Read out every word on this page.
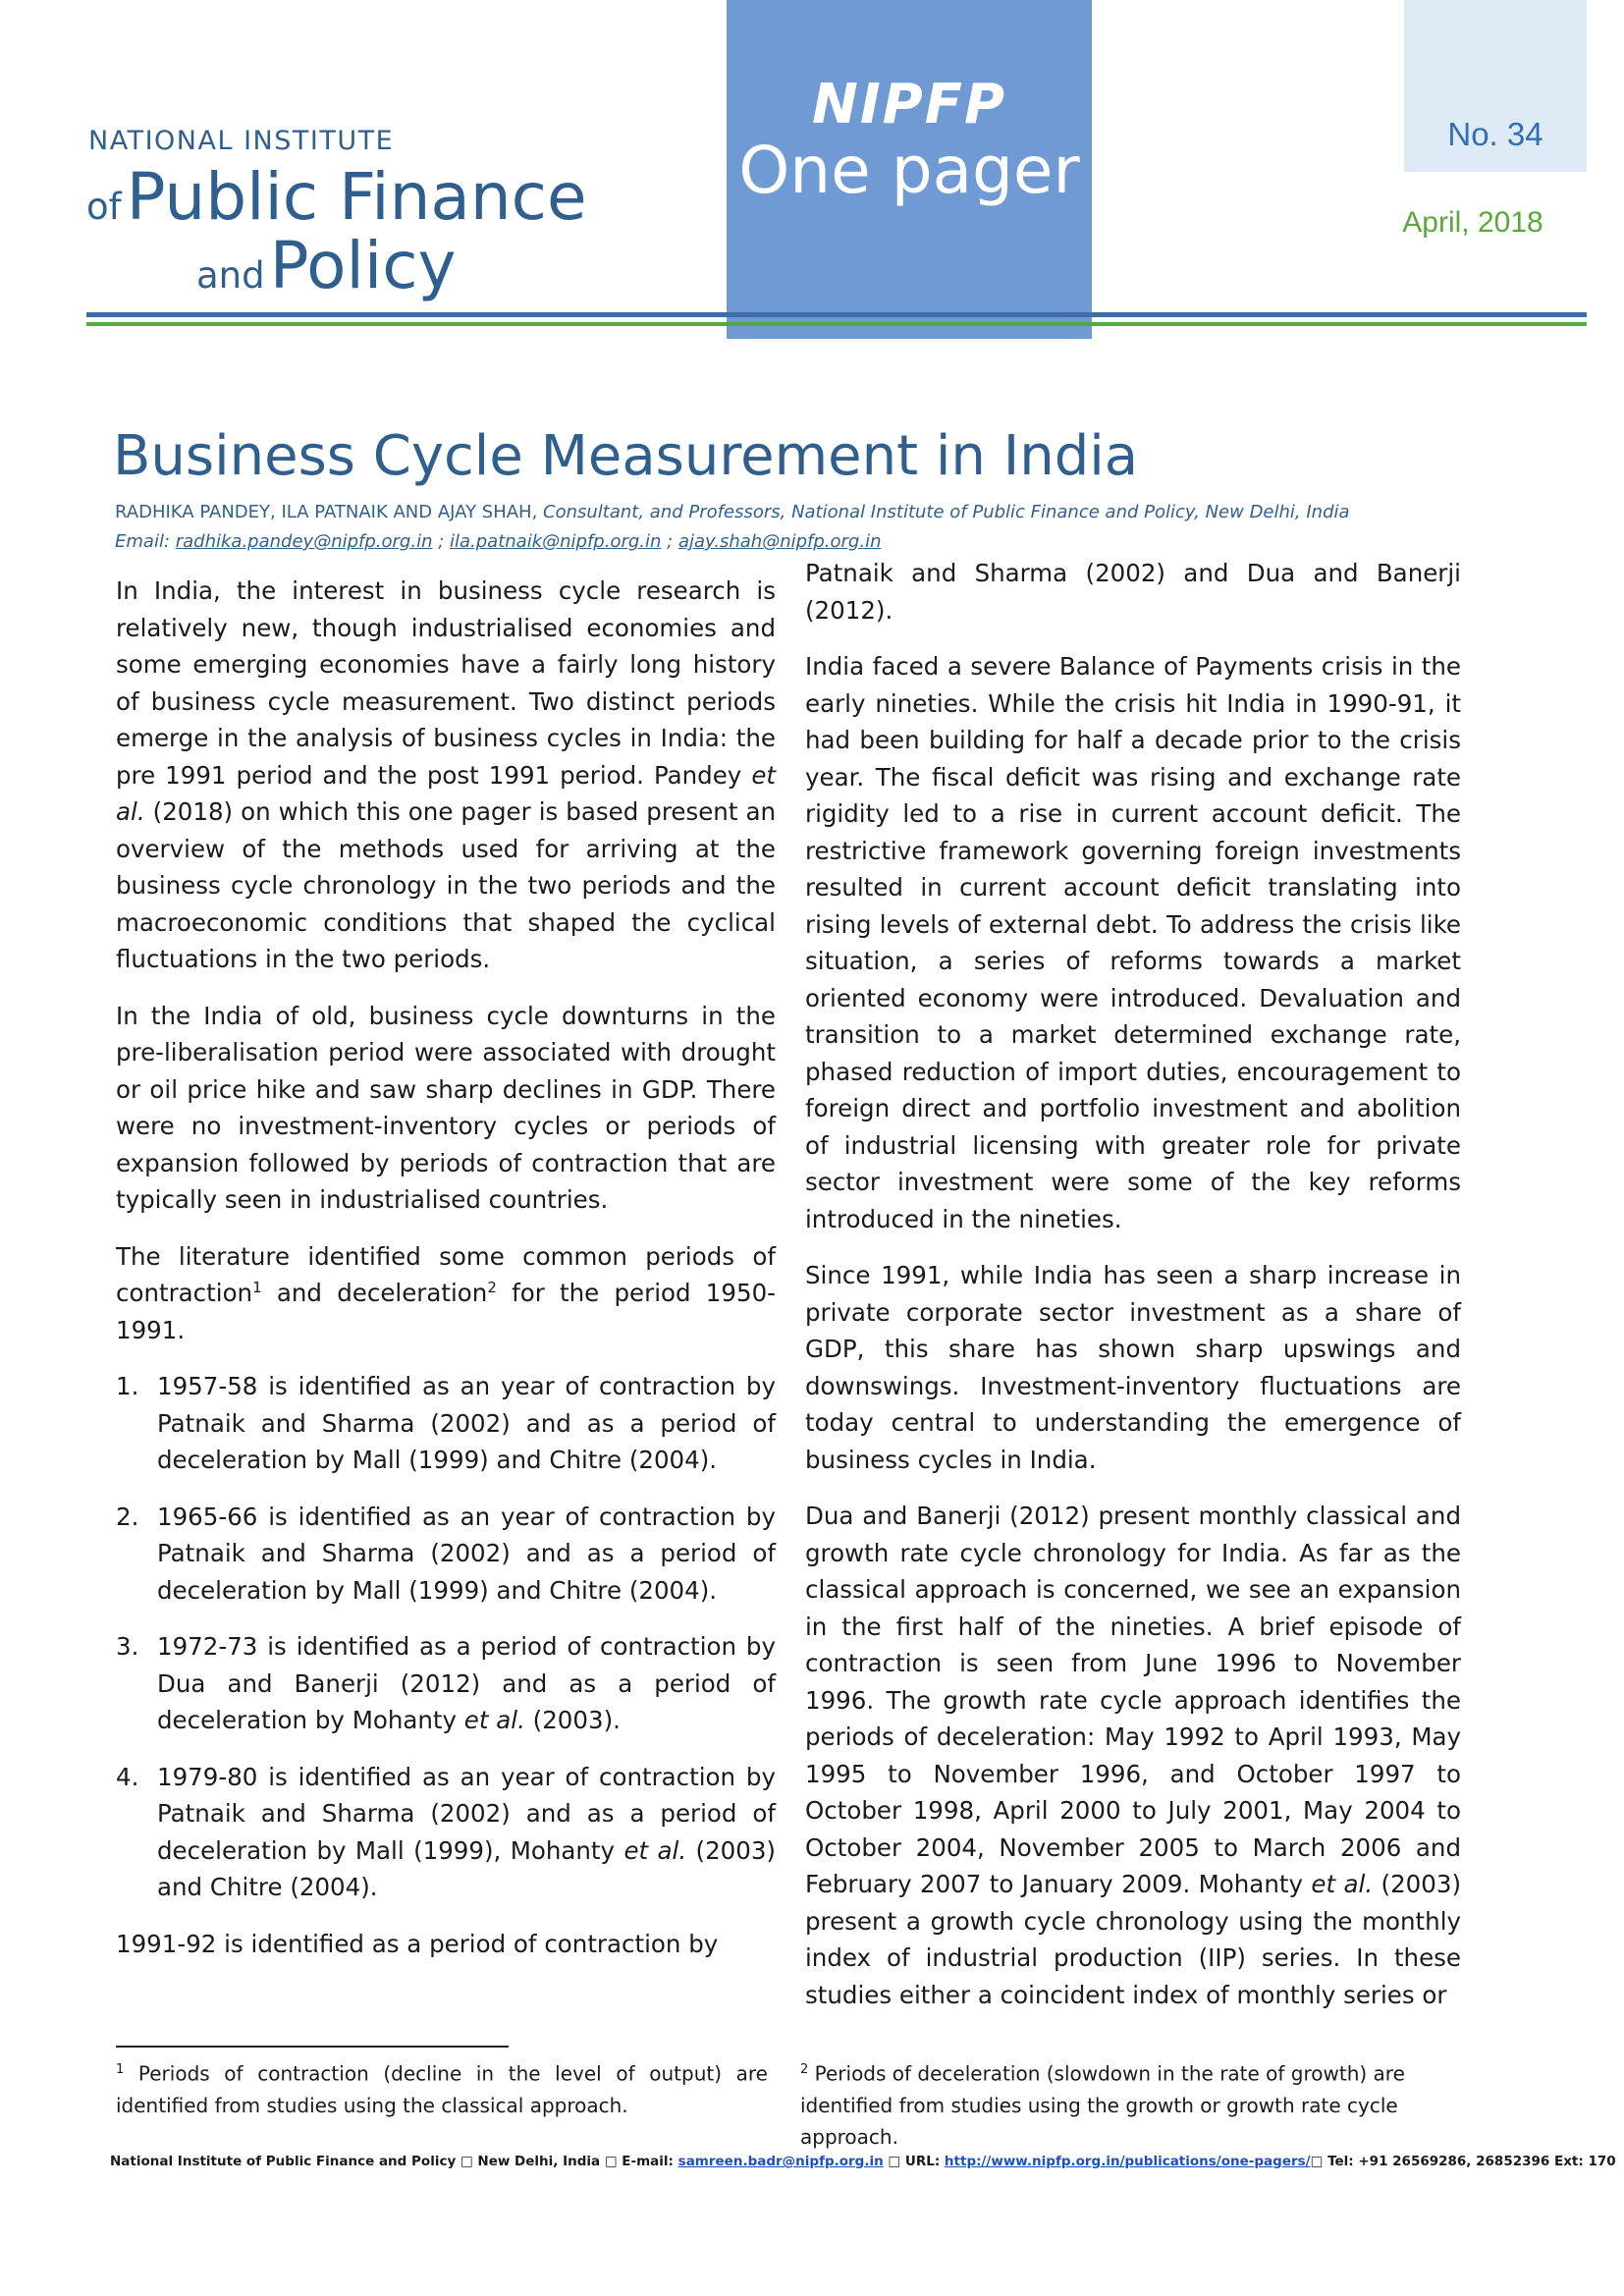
NATIONAL INSTITUTE
of Public Finance
and Policy
NIPFP
One pager	No. 34
April, 2018
Business Cycle Measurement in India
RADHIKA PANDEY, ILA PATNAIK AND AJAY SHAH, Consultant, and Professors, National Institute of Public Finance and Policy, New Delhi, India
Email: radhika.pandey@nipfp.org.in ; ila.patnaik@nipfp.org.in ; ajay.shah@nipfp.org.in

In India, the interest in business cycle research is relatively new, though industrialised economies and some emerging economies have a fairly long history of business cycle measurement. Two distinct periods emerge in the analysis of business cycles in India: the pre 1991 period and the post 1991 period. Pandey et al. (2018) on which this one pager is based present an overview of the methods used for arriving at the business cycle chronology in the two periods and the macroeconomic conditions that shaped the cyclical fluctuations in the two periods.

In the India of old, business cycle downturns in the pre-liberalisation period were associated with drought or oil price hike and saw sharp declines in GDP. There were no investment-inventory cycles or periods of expansion followed by periods of contraction that are typically seen in industrialised countries.

The literature identified some common periods of contraction$^1$ and deceleration$^2$ for the period 1950-1991.

1. 1957-58 is identified as an year of contraction by Patnaik and Sharma (2002) and as a period of deceleration by Mall (1999) and Chitre (2004).
2. 1965-66 is identified as an year of contraction by Patnaik and Sharma (2002) and as a period of deceleration by Mall (1999) and Chitre (2004).
3. 1972-73 is identified as a period of contraction by Dua and Banerji (2012) and as a period of deceleration by Mohanty et al. (2003).
4. 1979-80 is identified as an year of contraction by Patnaik and Sharma (2002) and as a period of deceleration by Mall (1999), Mohanty et al. (2003) and Chitre (2004).

1991-92 is identified as a period of contraction by

Patnaik and Sharma (2002) and Dua and Banerji (2012).

India faced a severe Balance of Payments crisis in the early nineties. While the crisis hit India in 1990-91, it had been building for half a decade prior to the crisis year. The fiscal deficit was rising and exchange rate rigidity led to a rise in current account deficit. The restrictive framework governing foreign investments resulted in current account deficit translating into rising levels of external debt. To address the crisis like situation, a series of reforms towards a market oriented economy were introduced. Devaluation and transition to a market determined exchange rate, phased reduction of import duties, encouragement to foreign direct and portfolio investment and abolition of industrial licensing with greater role for private sector investment were some of the key reforms introduced in the nineties.

Since 1991, while India has seen a sharp increase in private corporate sector investment as a share of GDP, this share has shown sharp upswings and downswings. Investment-inventory fluctuations are today central to understanding the emergence of business cycles in India.

Dua and Banerji (2012) present monthly classical and growth rate cycle chronology for India. As far as the classical approach is concerned, we see an expansion in the first half of the nineties. A brief episode of contraction is seen from June 1996 to November 1996. The growth rate cycle approach identifies the periods of deceleration: May 1992 to April 1993, May 1995 to November 1996, and October 1997 to October 1998, April 2000 to July 2001, May 2004 to October 2004, November 2005 to March 2006 and February 2007 to January 2009. Mohanty et al. (2003) present a growth cycle chronology using the monthly index of industrial production (IIP) series. In these studies either a coincident index of monthly series or

$^1$ Periods of contraction (decline in the level of output) are identified from studies using the classical approach.
$^2$ Periods of deceleration (slowdown in the rate of growth) are identified from studies using the growth or growth rate cycle approach.
National Institute of Public Finance and Policy □ New Delhi, India □ E-mail: samreen.badr@nipfp.org.in □ URL: http://www.nipfp.org.in/publications/one-pagers/□ Tel: +91 26569286, 26852396 Ext: 170
